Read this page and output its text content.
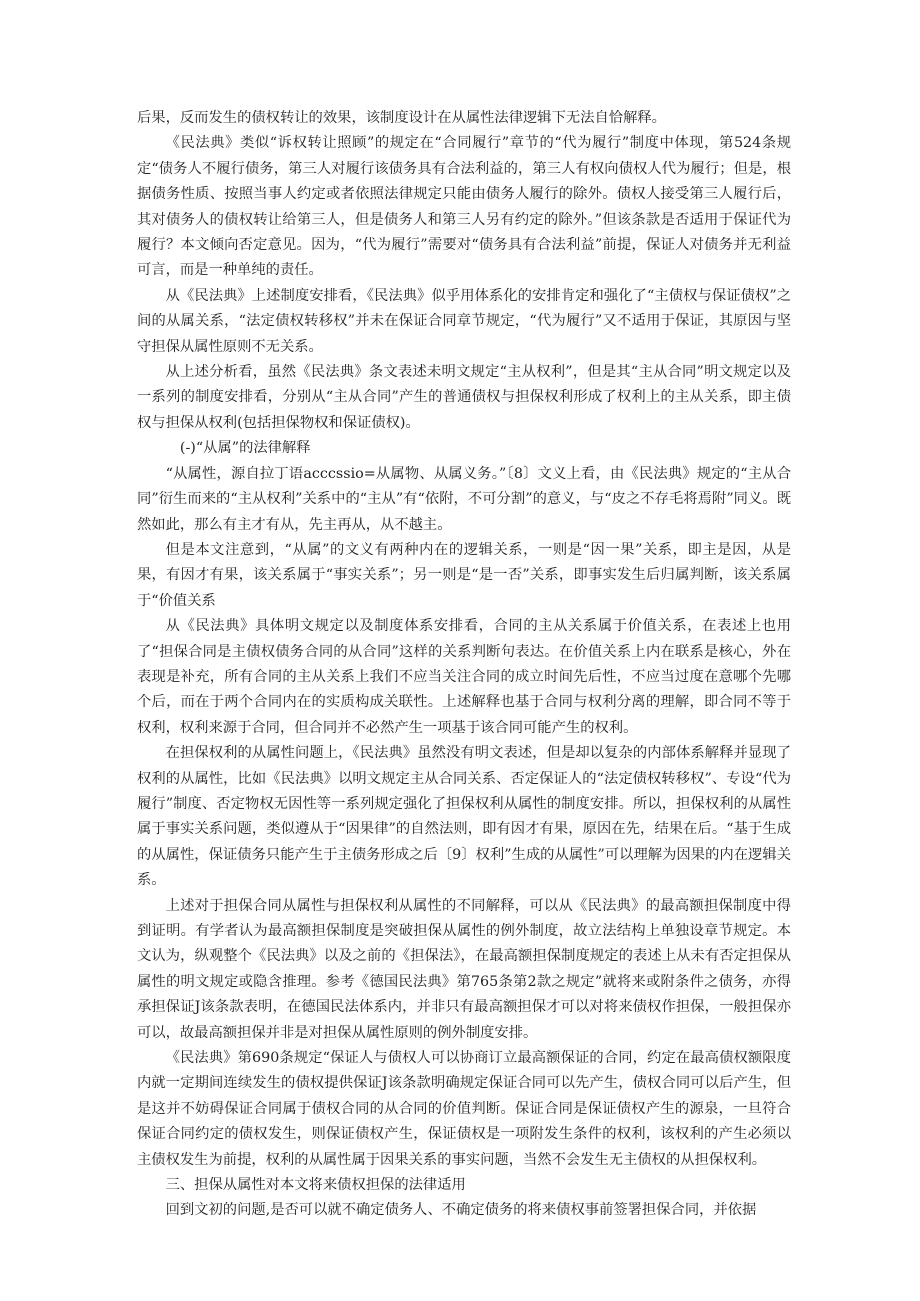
后果，反而发生的债权转让的效果，该制度设计在从属性法律逻辑下无法自恰解释。

《民法典》类似“诉权转让照顾”的规定在“合同履行”章节的“代为履行”制度中体现，第524条规定“债务人不履行债务，第三人对履行该债务具有合法利益的，第三人有权向债权人代为履行；但是，根据债务性质、按照当事人约定或者依照法律规定只能由债务人履行的除外。债权人接受第三人履行后，其对债务人的债权转让给第三人，但是债务人和第三人另有约定的除外。”但该条款是否适用于保证代为履行？本文倾向否定意见。因为，“代为履行”需要对“债务具有合法利益”前提，保证人对债务并无利益可言，而是一种单纯的责任。

从《民法典》上述制度安排看，《民法典》似乎用体系化的安排肯定和强化了“主债权与保证债权”之间的从属关系，“法定债权转移权”并未在保证合同章节规定，“代为履行”又不适用于保证，其原因与坚守担保从属性原则不无关系。

从上述分析看，虽然《民法典》条文表述未明文规定“主从权利”，但是其“主从合同”明文规定以及一系列的制度安排看，分别从“主从合同”产生的普通债权与担保权利形成了权利上的主从关系，即主债权与担保从权利(包括担保物权和保证债权)。

(-)“从属”的法律解释

“从属性，源自拉丁语acccssio=从属物、从属义务。”〔8〕文义上看，由《民法典》规定的“主从合同”衍生而来的“主从权利”关系中的“主从”有“依附，不可分割”的意义，与“皮之不存毛将焉附”同义。既然如此，那么有主才有从，先主再从，从不越主。

但是本文注意到，“从属”的文义有两种内在的逻辑关系，一则是“因一果”关系，即主是因，从是果，有因才有果，该关系属于“事实关系”；另一则是“是一否”关系，即事实发生后归属判断，该关系属于“价值关系

从《民法典》具体明文规定以及制度体系安排看，合同的主从关系属于价值关系，在表述上也用了“担保合同是主债权债务合同的从合同”这样的关系判断句表达。在价值关系上内在联系是核心，外在表现是补充，所有合同的主从关系上我们不应当关注合同的成立时间先后性，不应当过度在意哪个先哪个后，而在于两个合同内在的实质构成关联性。上述解释也基于合同与权利分离的理解，即合同不等于权利，权利来源于合同，但合同并不必然产生一项基于该合同可能产生的权利。

在担保权利的从属性问题上，《民法典》虽然没有明文表述，但是却以复杂的内部体系解释并显现了权利的从属性，比如《民法典》以明文规定主从合同关系、否定保证人的“法定债权转移权”、专设“代为履行”制度、否定物权无因性等一系列规定强化了担保权利从属性的制度安排。所以，担保权利的从属性属于事实关系问题，类似遵从于“因果律”的自然法则，即有因才有果，原因在先，结果在后。“基于生成的从属性，保证债务只能产生于主债务形成之后〔9〕权利”生成的从属性”可以理解为因果的内在逻辑关系。

上述对于担保合同从属性与担保权利从属性的不同解释，可以从《民法典》的最高额担保制度中得到证明。有学者认为最高额担保制度是突破担保从属性的例外制度，故立法结构上单独设章节规定。本文认为，纵观整个《民法典》以及之前的《担保法》，在最高额担保制度规定的表述上从未有否定担保从属性的明文规定或隐含推理。参考《德国民法典》第765条第2款之规定”就将来或附条件之债务，亦得承担保证J该条款表明，在德国民法体系内，并非只有最高额担保才可以对将来债权作担保，一般担保亦可以，故最高额担保并非是对担保从属性原则的例外制度安排。

《民法典》第690条规定“保证人与债权人可以协商订立最高额保证的合同，约定在最高债权额限度内就一定期间连续发生的债权提供保证J该条款明确规定保证合同可以先产生，债权合同可以后产生，但是这并不妨碍保证合同属于债权合同的从合同的价值判断。保证合同是保证债权产生的源泉，一旦符合保证合同约定的债权发生，则保证债权产生，保证债权是一项附发生条件的权利，该权利的产生必须以主债权发生为前提，权利的从属性属于因果关系的事实问题，当然不会发生无主债权的从担保权利。

三、担保从属性对本文将来债权担保的法律适用

回到文初的问题,是否可以就不确定债务人、不确定债务的将来债权事前签署担保合同，并依据
